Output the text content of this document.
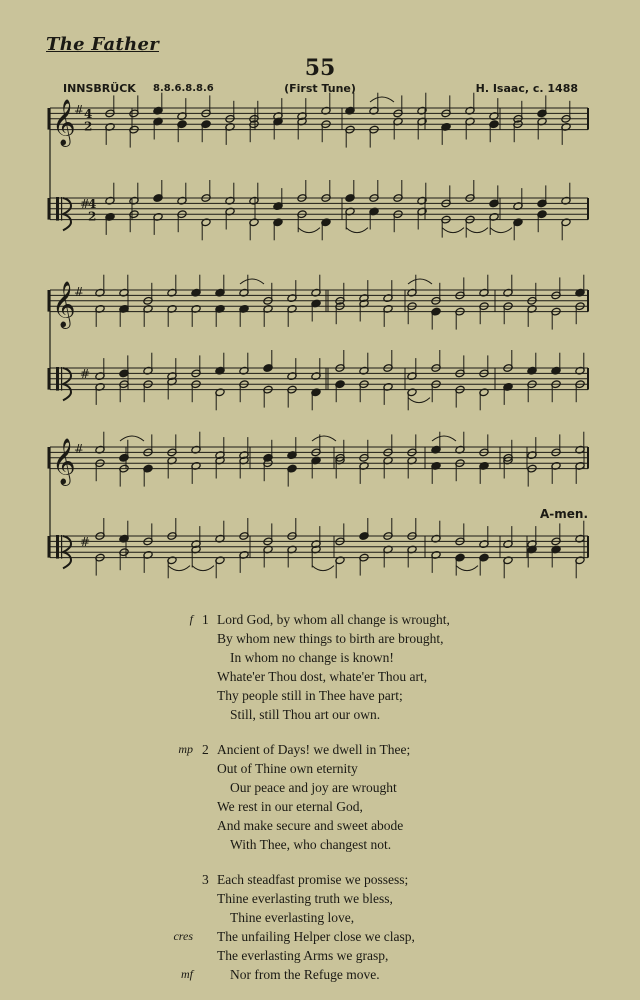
The Father
55
INNSBRÜCK 8.8.6.8.8.6	(First Tune)	H. Isaac, c. 1488
𝄞
#
#
4
2
4
2
𝄞
#
#
𝄞
#
#
A-men.
f 1 Lord God, by whom all change is wrought,
By whom new things to birth are brought,
In whom no change is known!
Whate'er Thou dost, whate'er Thou art,
Thy people still in Thee have part;
Still, still Thou art our own.
mp 2 Ancient of Days! we dwell in Thee;
Out of Thine own eternity
Our peace and joy are wrought
We rest in our eternal God,
And make secure and sweet abode
With Thee, who changest not.
3 Each steadfast promise we possess;
Thine everlasting truth we bless,
Thine everlasting love,
cres The unfailing Helper close we clasp,
The everlasting Arms we grasp,
mf	Nor from the Refuge move.
